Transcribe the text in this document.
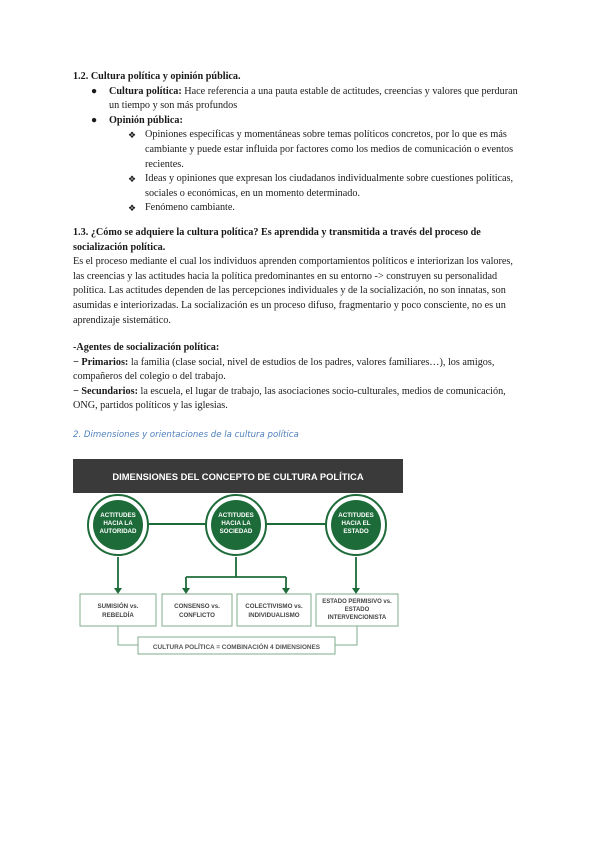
1.2. Cultura política y opinión pública.

● Cultura política: Hace referencia a una pauta estable de actitudes, creencias y valores que perduran un tiempo y son más profundos

● Opinión pública:

❖ Opiniones específicas y momentáneas sobre temas políticos concretos, por lo que es más cambiante y puede estar influida por factores como los medios de comunicación o eventos recientes.

❖ Ideas y opiniones que expresan los ciudadanos individualmente sobre cuestiones políticas, sociales o económicas, en un momento determinado.

❖ Fenómeno cambiante.

1.3. ¿Cómo se adquiere la cultura política? Es aprendida y transmitida a través del proceso de socialización política.

Es el proceso mediante el cual los individuos aprenden comportamientos políticos e interiorizan los valores, las creencias y las actitudes hacia la política predominantes en su entorno -> construyen su personalidad política. Las actitudes dependen de las percepciones individuales y de la socialización, no son innatas, son asumidas e interiorizadas. La socialización es un proceso difuso, fragmentario y poco consciente, no es un aprendizaje sistemático.

-Agentes de socialización política:

− Primarios: la familia (clase social, nivel de estudios de los padres, valores familiares…), los amigos, compañeros del colegio o del trabajo.

− Secundarios: la escuela, el lugar de trabajo, las asociaciones socio-culturales, medios de comunicación, ONG, partidos políticos y las iglesias.

2. Dimensiones y orientaciones de la cultura política

DIMENSIONES DEL CONCEPTO DE CULTURA POLÍTICA
ACTITUDES
HACIA LA
AUTORIDAD
ACTITUDES
HACIA LA
SOCIEDAD
ACTITUDES
HACIA EL
ESTADO
SUMISIÓN vs.
REBELDÍA
CONSENSO vs.
CONFLICTO
COLECTIVISMO vs.
INDIVIDUALISMO
ESTADO PERMISIVO vs.
ESTADO
INTERVENCIONISTA
CULTURA POLÍTICA = COMBINACIÓN 4 DIMENSIONES
